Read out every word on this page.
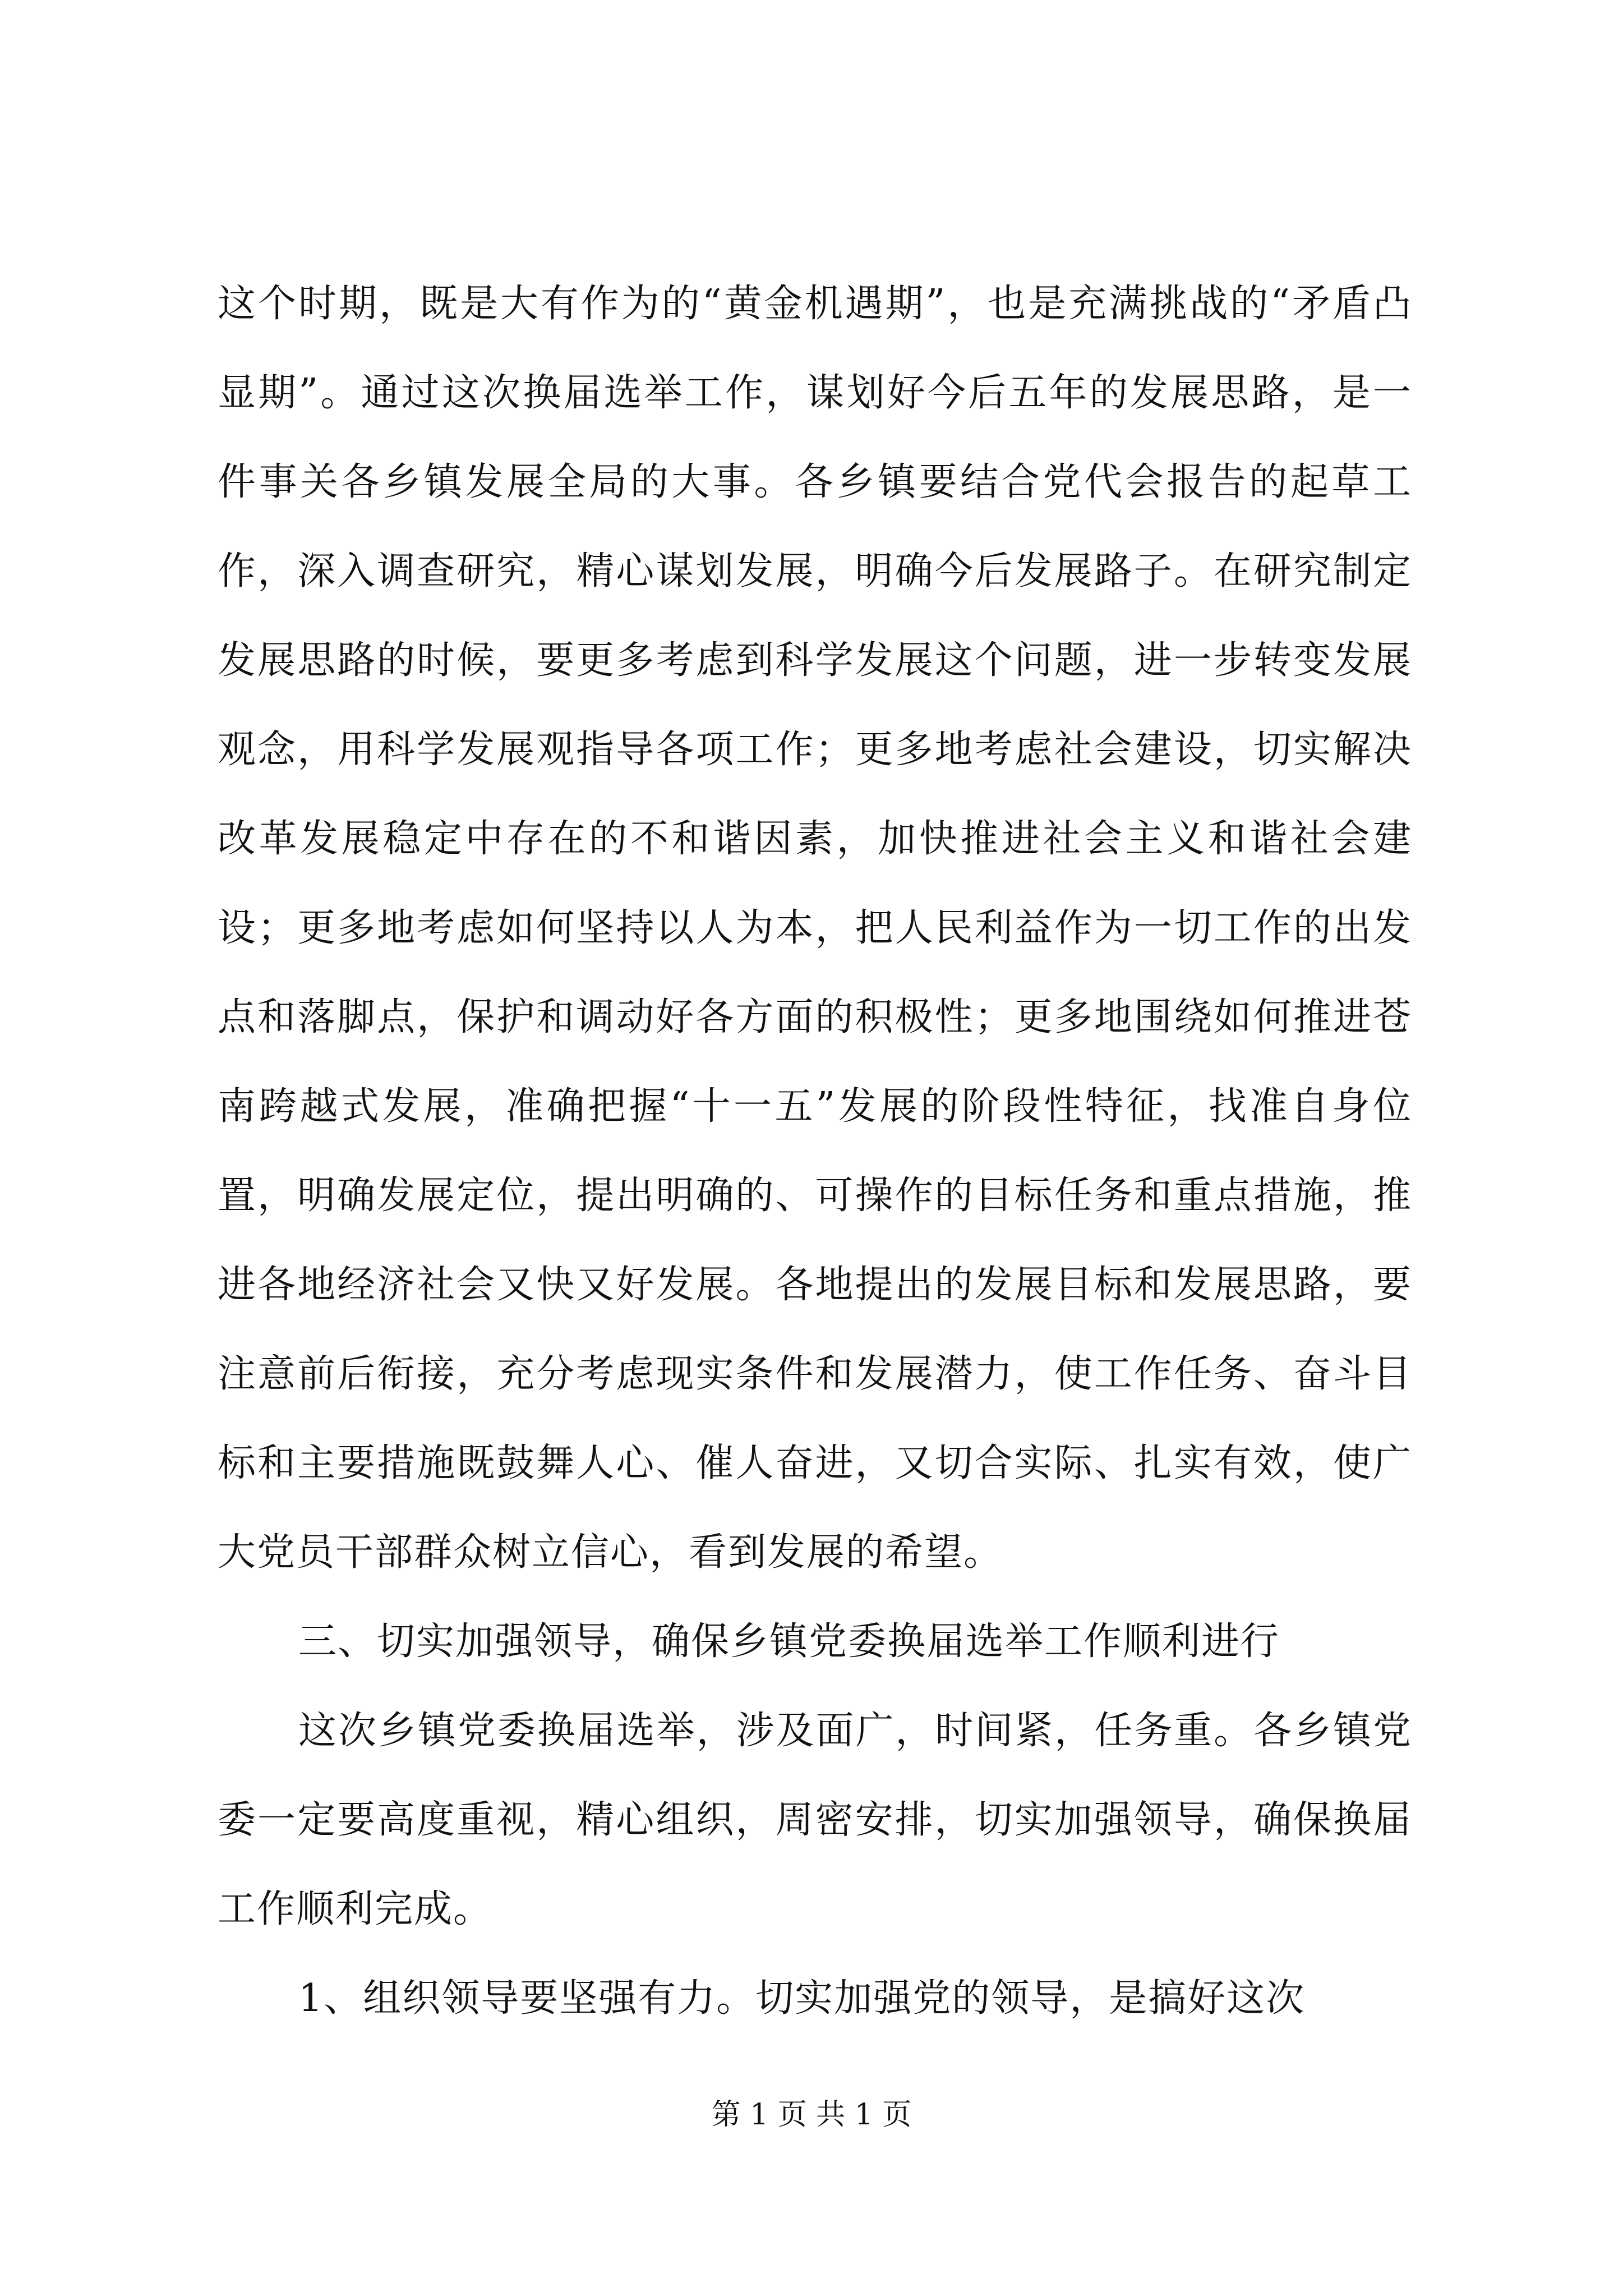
这个时期，既是大有作为的“黄金机遇期”，也是充满挑战的“矛盾凸显期”。通过这次换届选举工作，谋划好今后五年的发展思路，是一件事关各乡镇发展全局的大事。各乡镇要结合党代会报告的起草工作，深入调查研究，精心谋划发展，明确今后发展路子。在研究制定发展思路的时候，要更多考虑到科学发展这个问题，进一步转变发展观念，用科学发展观指导各项工作；更多地考虑社会建设，切实解决改革发展稳定中存在的不和谐因素，加快推进社会主义和谐社会建设；更多地考虑如何坚持以人为本，把人民利益作为一切工作的出发点和落脚点，保护和调动好各方面的积极性；更多地围绕如何推进苍南跨越式发展，准确把握“十一五”发展的阶段性特征，找准自身位置，明确发展定位，提出明确的、可操作的目标任务和重点措施，推进各地经济社会又快又好发展。各地提出的发展目标和发展思路，要注意前后衔接，充分考虑现实条件和发展潜力，使工作任务、奋斗目标和主要措施既鼓舞人心、催人奋进，又切合实际、扎实有效，使广大党员干部群众树立信心，看到发展的希望。

三、切实加强领导，确保乡镇党委换届选举工作顺利进行

这次乡镇党委换届选举，涉及面广，时间紧，任务重。各乡镇党委一定要高度重视，精心组织，周密安排，切实加强领导，确保换届工作顺利完成。

1、组织领导要坚强有力。切实加强党的领导，是搞好这次

第 1 页 共 1 页
